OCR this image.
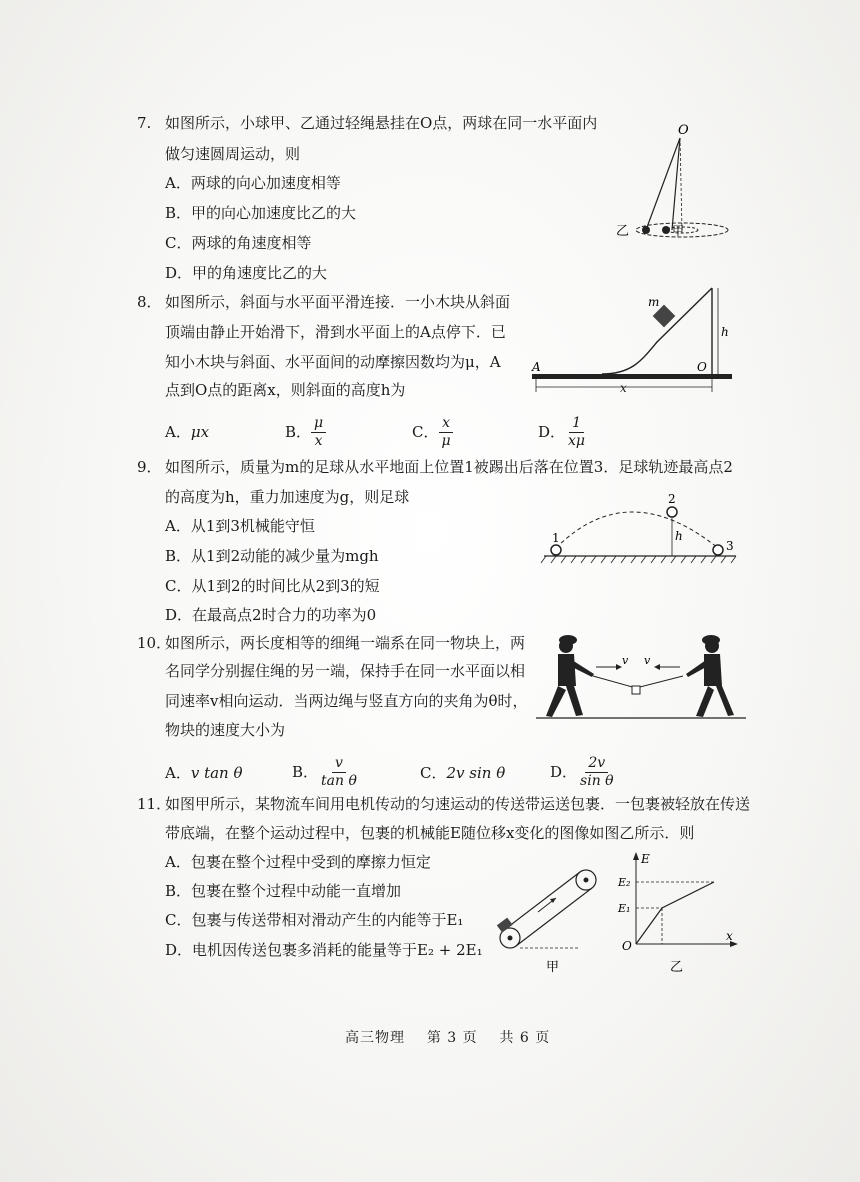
7. 如图所示，小球甲、乙通过轻绳悬挂在O点，两球在同一水平面内
做匀速圆周运动，则
A．两球的向心加速度相等
B．甲的向心加速度比乙的大
C．两球的角速度相等
D．甲的角速度比乙的大
O
乙	甲
8． 如图所示，斜面与水平面平滑连接．一小木块从斜面
顶端由静止开始滑下，滑到水平面上的A点停下．已
知小木块与斜面、水平面间的动摩擦因数均为μ，A
点到O点的距离x，则斜面的高度h为
A．μx	B． $\frac{\mu}{x}$	C． $\frac{x}{\mu}$	D． $\frac{1}{x\mu}$
m
h
A	O
x
9． 如图所示，质量为m的足球从水平地面上位置1被踢出后落在位置3．足球轨迹最高点2
的高度为h，重力加速度为g，则足球
A．从1到3机械能守恒
B．从1到2动能的减少量为mgh
C．从1到2的时间比从2到3的短
D．在最高点2时合力的功率为0
1
2
3
h
10．
如图所示，两长度相等的细绳一端系在同一物块上，两
名同学分别握住绳的另一端，保持手在同一水平面以相
同速率v相向运动．当两边绳与竖直方向的夹角为θ时，
物块的速度大小为
A．v tan θ	B． $\frac{v}{\text{tan θ}}$	C．2v sin θ	D． $\frac{2v}{\text{sin θ}}$
v v
11．
如图甲所示，某物流车间用电机传动的匀速运动的传送带运送包裹．一包裹被轻放在传送
带底端，在整个运动过程中，包裹的机械能E随位移x变化的图像如图乙所示．则
A．包裹在整个过程中受到的摩擦力恒定
B．包裹在整个过程中动能一直增加
C．包裹与传送带相对滑动产生的内能等于E₁
D．电机因传送包裹多消耗的能量等于E₂ + 2E₁
甲
E
x
O
E₂
E₁
乙
高三物理 第 3 页 共 6 页
